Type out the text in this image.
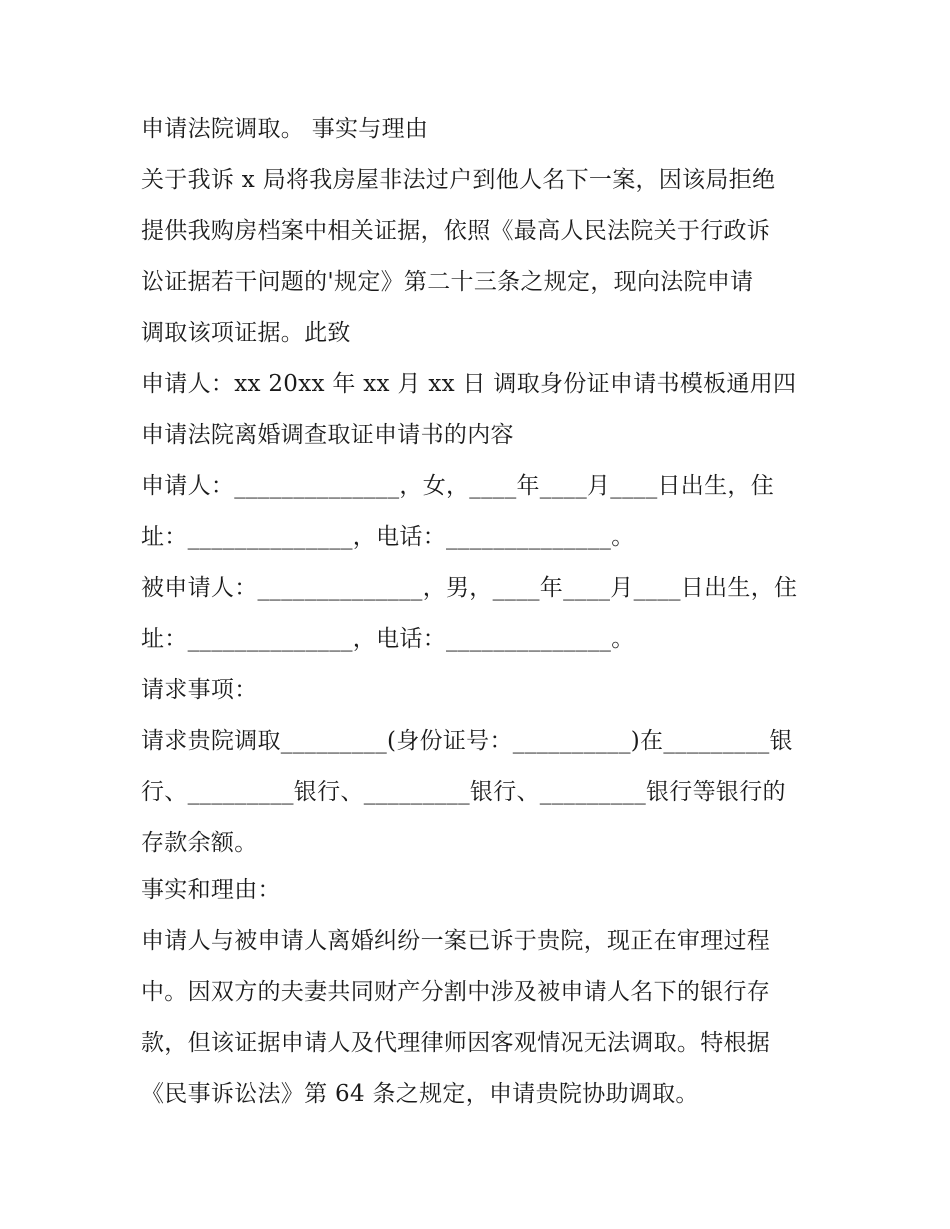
申请法院调取。 事实与理由
关于我诉 x 局将我房屋非法过户到他人名下一案，因该局拒绝
提供我购房档案中相关证据，依照《最高人民法院关于行政诉
讼证据若干问题的'规定》第二十三条之规定，现向法院申请
调取该项证据。此致
申请人：xx 20xx 年 xx 月 xx 日 调取身份证申请书模板通用四
申请法院离婚调查取证申请书的内容
申请人：______________，女，____年____月____日出生，住
址：______________，电话：______________。
被申请人：______________，男，____年____月____日出生，住
址：______________，电话：______________。
请求事项：
请求贵院调取_________(身份证号：__________)在_________银
行、_________银行、_________银行、_________银行等银行的
存款余额。
事实和理由：
申请人与被申请人离婚纠纷一案已诉于贵院，现正在审理过程
中。因双方的夫妻共同财产分割中涉及被申请人名下的银行存
款，但该证据申请人及代理律师因客观情况无法调取。特根据
《民事诉讼法》第 64 条之规定，申请贵院协助调取。
